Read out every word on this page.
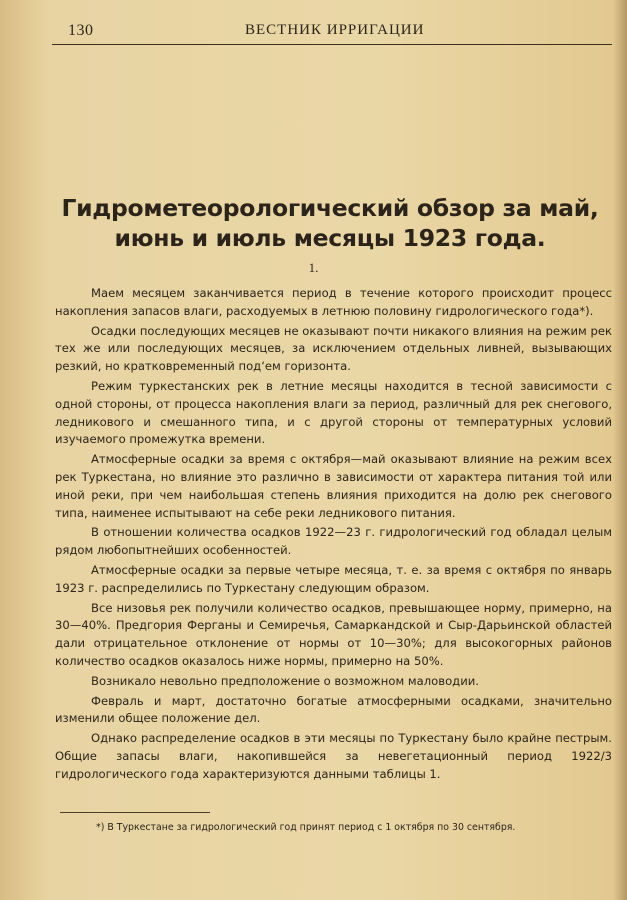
130	ВЕСТНИК ИРРИГАЦИИ
Гидрометеорологический обзор за май, июнь и июль месяцы 1923 года.
1.

Маем месяцем заканчивается период в течение которого происходит процесс накопления запасов влаги, расходуемых в летнюю половину гидрологического года*).

Осадки последующих месяцев не оказывают почти никакого влияния на режим рек тех же или последующих месяцев, за исключением отдельных ливней, вызывающих резкий, но кратковременный под‘ем горизонта.

Режим туркестанских рек в летние месяцы находится в тесной зависимости с одной стороны, от процесса накопления влаги за период, различный для рек снегового, ледникового и смешанного типа, и с другой стороны от температурных условий изучаемого промежутка времени.

Атмосферные осадки за время с октября—май оказывают влияние на режим всех рек Туркестана, но влияние это различно в зависимости от характера питания той или иной реки, при чем наибольшая степень влияния приходится на долю рек снегового типа, наименее испытывают на себе реки ледникового питания.

В отношении количества осадков 1922—23 г. гидрологический год обладал целым рядом любопытнейших особенностей.

Атмосферные осадки за первые четыре месяца, т. е. за время с октября по январь 1923 г. распределились по Туркестану следующим образом.

Все низовья рек получили количество осадков, превышающее норму, примерно, на 30—40%. Предгория Ферганы и Семиречья, Самаркандской и Сыр-Дарьинской областей дали отрицательное отклонение от нормы от 10—30%; для высокогорных районов количество осадков оказалось ниже нормы, примерно на 50%.

Возникало невольно предположение о возможном маловодии.

Февраль и март, достаточно богатые атмосферными осадками, значительно изменили общее положение дел.

Однако распределение осадков в эти месяцы по Туркестану было крайне пестрым. Общие запасы влаги, накопившейся за невегетационный период 1922/3 гидрологического года характеризуются данными таблицы 1.

*) В Туркестане за гидрологический год принят период с 1 октября по 30 сентября.
